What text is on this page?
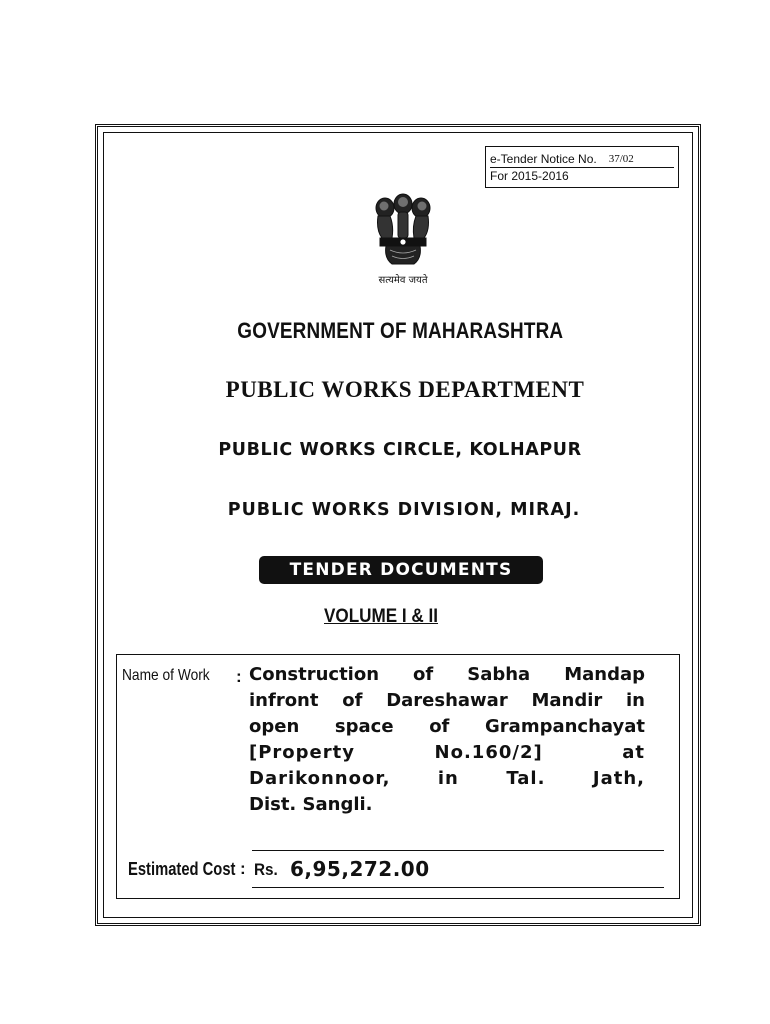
e-Tender Notice No. 37/02
For 2015-2016
सत्यमेव जयते
GOVERNMENT OF MAHARASHTRA
PUBLIC WORKS DEPARTMENT
PUBLIC WORKS CIRCLE, KOLHAPUR
PUBLIC WORKS DIVISION, MIRAJ.
TENDER DOCUMENTS
VOLUME I & II
Name of Work : Construction of Sabha Mandap
infront of Dareshawar Mandir in
open space of Grampanchayat
[Property No.160/2] at
Darikonnoor, in Tal. Jath,
Dist. Sangli.
Estimated Cost : Rs. 6,95,272.00
